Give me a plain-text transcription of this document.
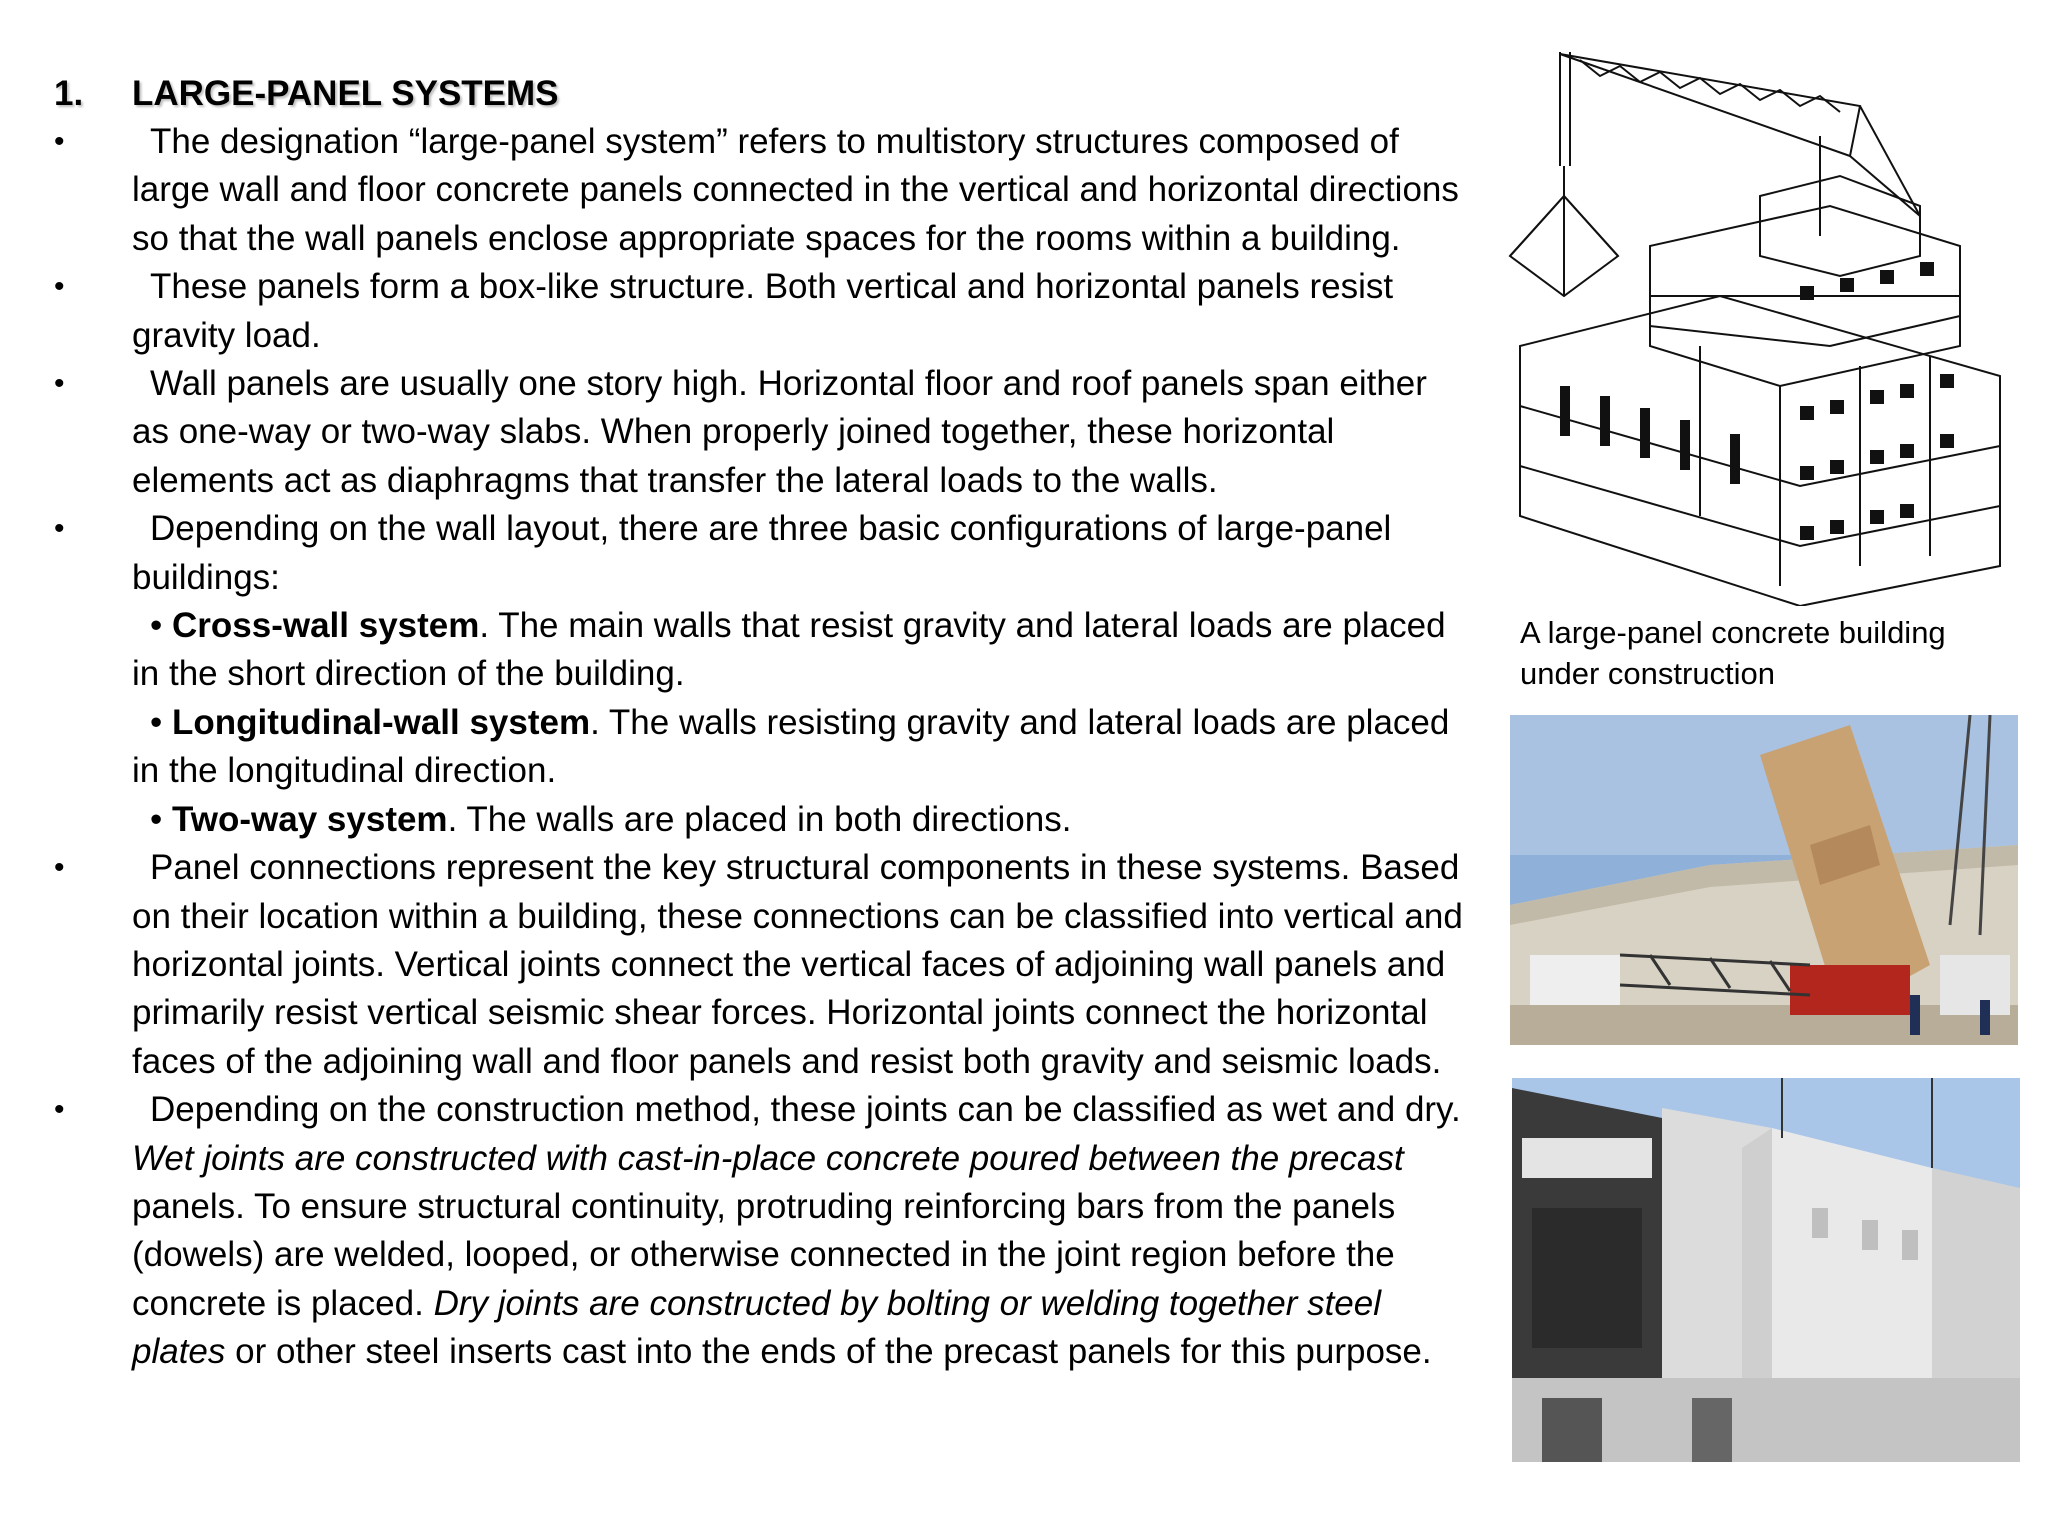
1. LARGE-PANEL SYSTEMS
• The designation “large-panel system” refers to multistory structures composed of large wall and floor concrete panels connected in the vertical and horizontal directions so that the wall panels enclose appropriate spaces for the rooms within a building.
• These panels form a box-like structure. Both vertical and horizontal panels resist gravity load.
• Wall panels are usually one story high. Horizontal floor and roof panels span either as one-way or two-way slabs. When properly joined together, these horizontal elements act as diaphragms that transfer the lateral loads to the walls.
• Depending on the wall layout, there are three basic configurations of large-panel buildings:
• Cross-wall system. The main walls that resist gravity and lateral loads are placed in the short direction of the building.
• Longitudinal-wall system. The walls resisting gravity and lateral loads are placed in the longitudinal direction.
• Two-way system. The walls are placed in both directions.
• Panel connections represent the key structural components in these systems. Based on their location within a building, these connections can be classified into vertical and horizontal joints. Vertical joints connect the vertical faces of adjoining wall panels and primarily resist vertical seismic shear forces. Horizontal joints connect the horizontal faces of the adjoining wall and floor panels and resist both gravity and seismic loads.
• Depending on the construction method, these joints can be classified as wet and dry. Wet joints are constructed with cast-in-place concrete poured between the precast panels. To ensure structural continuity, protruding reinforcing bars from the panels (dowels) are welded, looped, or otherwise connected in the joint region before the concrete is placed. Dry joints are constructed by bolting or welding together steel plates or other steel inserts cast into the ends of the precast panels for this purpose.
A large-panel concrete building under construction
